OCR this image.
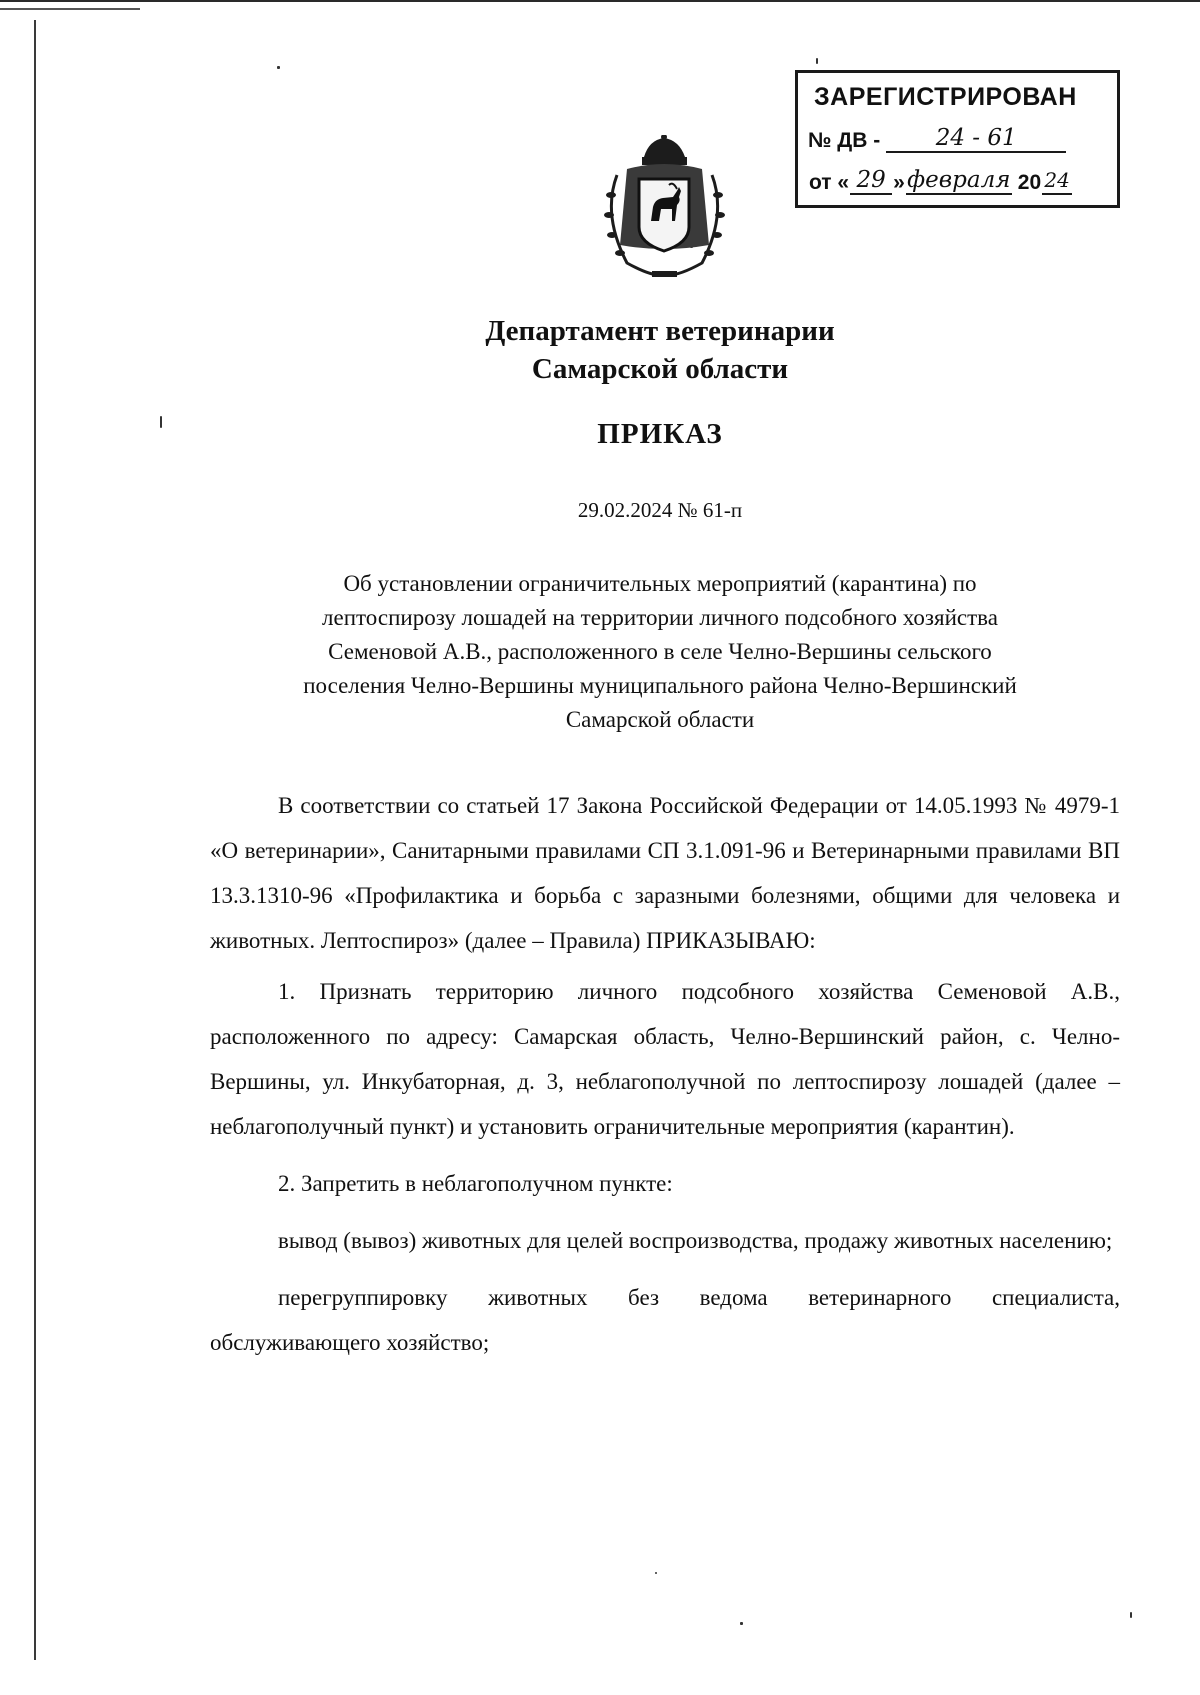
ЗАРЕГИСТРИРОВАН
№ ДВ -	24 - 61
от « 29 » февраля 20 24
Департамент ветеринарии
Самарской области
ПРИКАЗ
29.02.2024 № 61-п
Об установлении ограничительных мероприятий (карантина) по
лептоспирозу лошадей на территории личного подсобного хозяйства
Семеновой А.В., расположенного в селе Челно-Вершины сельского
поселения Челно-Вершины муниципального района Челно-Вершинский
Самарской области

В соответствии со статьей 17 Закона Российской Федерации от 14.05.1993 № 4979-1 «О ветеринарии», Санитарными правилами СП 3.1.091-96 и Ветеринарными правилами ВП 13.3.1310-96 «Профилактика и борьба с заразными болезнями, общими для человека и животных. Лептоспироз» (далее – Правила) ПРИКАЗЫВАЮ:

1. Признать территорию личного подсобного хозяйства Семеновой А.В., расположенного по адресу: Самарская область, Челно-Вершинский район, с. Челно-Вершины, ул. Инкубаторная, д. 3, неблагополучной по лептоспирозу лошадей (далее – неблагополучный пункт) и установить ограничительные мероприятия (карантин).

2. Запретить в неблагополучном пункте:

вывод (вывоз) животных для целей воспроизводства, продажу животных населению;

перегруппировку животных без ведома ветеринарного специалиста, обслуживающего хозяйство;
